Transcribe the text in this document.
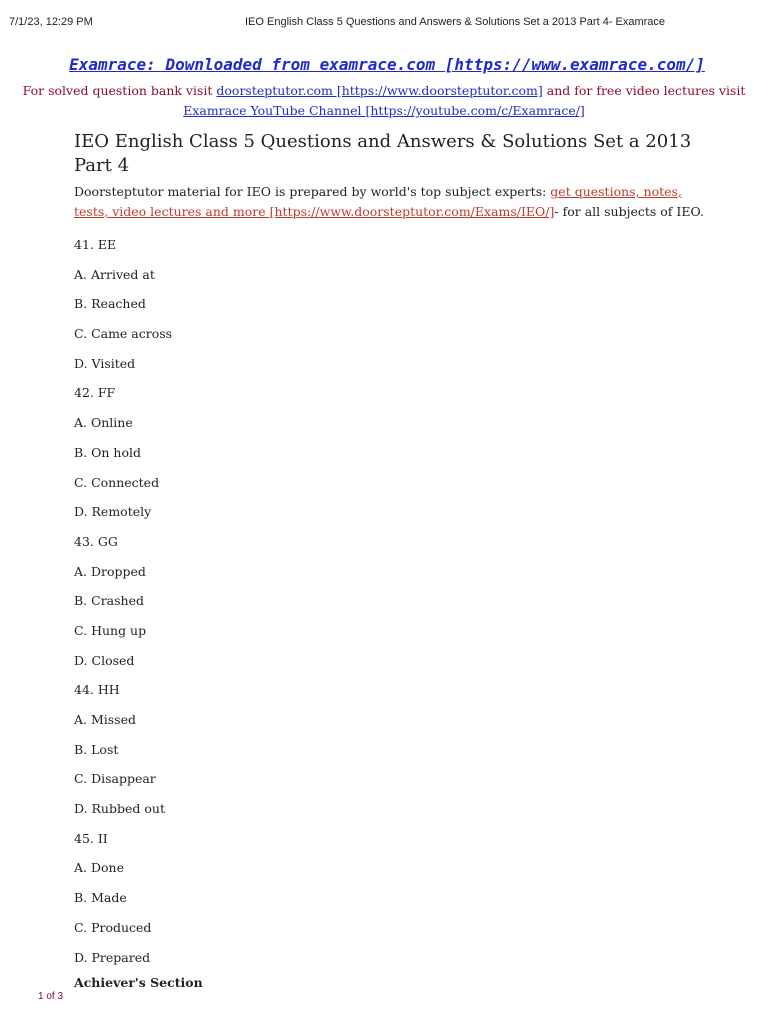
7/1/23, 12:29 PM	IEO English Class 5 Questions and Answers & Solutions Set a 2013 Part 4- Examrace
Examrace: Downloaded from examrace.com [https://www.examrace.com/]
For solved question bank visit doorsteptutor.com [https://www.doorsteptutor.com] and for free video lectures visit Examrace YouTube Channel [https://youtube.com/c/Examrace/]
IEO English Class 5 Questions and Answers & Solutions Set a 2013 Part 4

Doorsteptutor material for IEO is prepared by world's top subject experts: get questions, notes, tests, video lectures and more [https://www.doorsteptutor.com/Exams/IEO/]- for all subjects of IEO.

41. EE
A. Arrived at
B. Reached
C. Came across
D. Visited
42. FF
A. Online
B. On hold
C. Connected
D. Remotely
43. GG
A. Dropped
B. Crashed
C. Hung up
D. Closed
44. HH
A. Missed
B. Lost
C. Disappear
D. Rubbed out
45. II
A. Done
B. Made
C. Produced
D. Prepared
Achiever's Section
1 of 3
